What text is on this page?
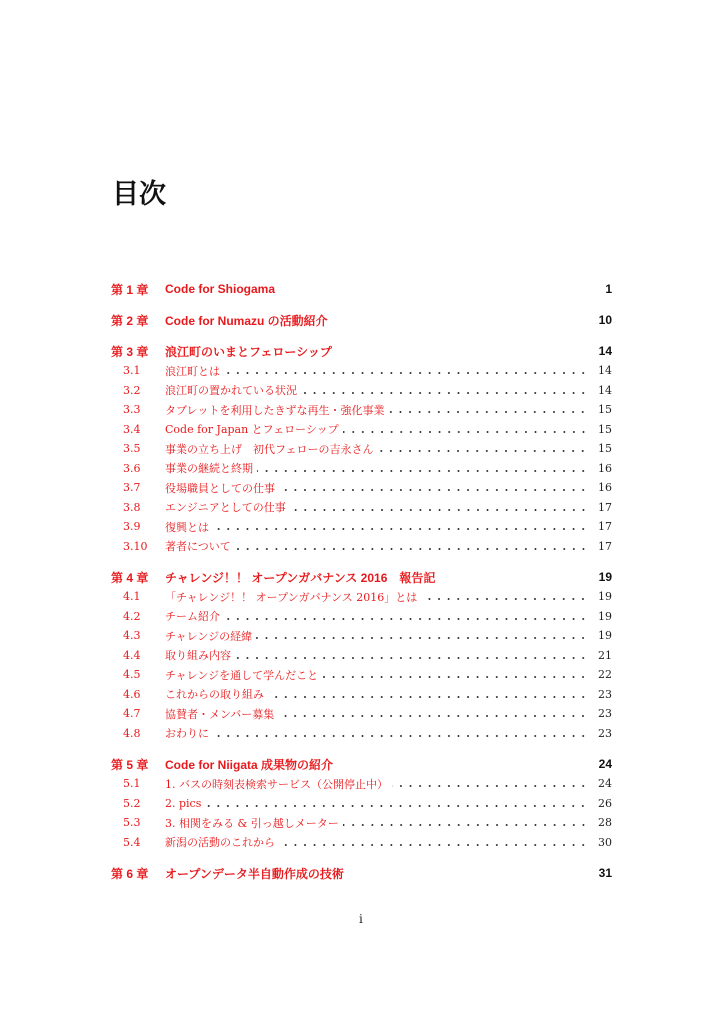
目次
第 1 章	Code for Shiogama	1
第 2 章	Code for Numazu の活動紹介	10
第 3 章	浪江町のいまとフェローシップ	14
3.1	浪江町とは	14
3.2	浪江町の置かれている状況	14
3.3	タブレットを利用したきずな再生・強化事業	15
3.4	Code for Japan とフェローシップ	15
3.5	事業の立ち上げ　初代フェローの吉永さん	15
3.6	事業の継続と終期	16
3.7	役場職員としての仕事	16
3.8	エンジニアとしての仕事	17
3.9	復興とは	17
3.10	著者について	17
第 4 章	チャレンジ！！ オープンガバナンス 2016　報告記	19
4.1	「チャレンジ！！ オープンガバナンス 2016」とは	19
4.2	チーム紹介	19
4.3	チャレンジの経緯	19
4.4	取り組み内容	21
4.5	チャレンジを通して学んだこと	22
4.6	これからの取り組み	23
4.7	協賛者・メンバー募集	23
4.8	おわりに	23
第 5 章	Code for Niigata 成果物の紹介	24
5.1	1. バスの時刻表検索サービス（公開停止中）	24
5.2	2. pics	26
5.3	3. 相関をみる & 引っ越しメーター	28
5.4	新潟の活動のこれから	30
第 6 章	オープンデータ半自動作成の技術	31
i
